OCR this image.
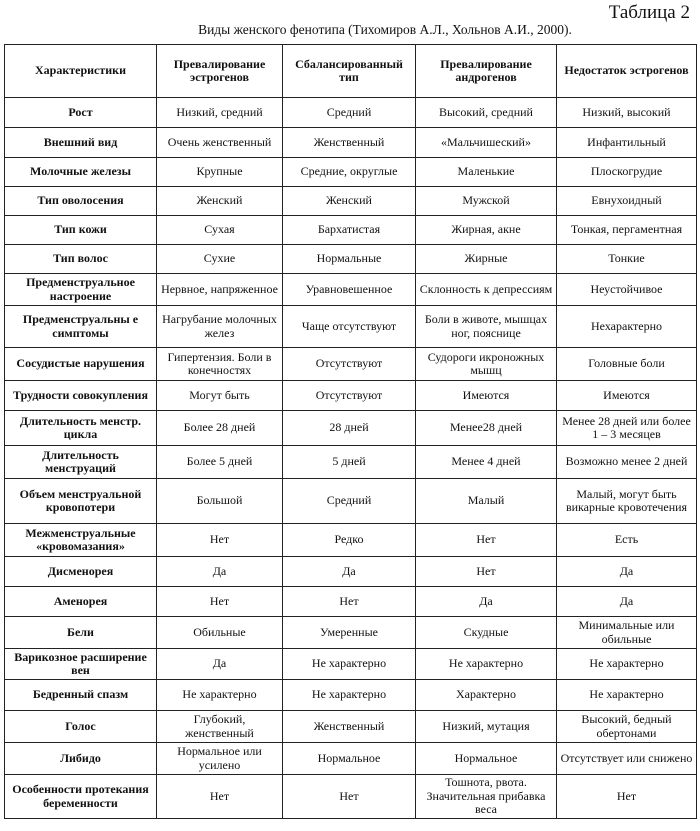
Таблица 2
Виды женского фенотипа (Тихомиров А.Л., Хольнов А.И., 2000).
Характеристики	Превалирование эстрогенов	Сбалансированный тип	Превалирование андрогенов	Недостаток эстрогенов
Рост	Низкий, средний	Средний	Высокий, средний	Низкий, высокий
Внешний вид	Очень женственный	Женственный	«Мальчишеский»	Инфантильный
Молочные железы	Крупные	Средние, округлые	Маленькие	Плоскогрудие
Тип оволосения	Женский	Женский	Мужской	Евнухоидный
Тип кожи	Сухая	Бархатистая	Жирная, акне	Тонкая, пергаментная
Тип волос	Сухие	Нормальные	Жирные	Тонкие
Предменструальное настроение	Нервное, напряженное	Уравновешенное	Склонность к депрессиям	Неустойчивое
Предменструальны е симптомы	Нагрубание молочных желез	Чаще отсутствуют	Боли в животе, мышцах ног, пояснице	Нехарактерно
Сосудистые нарушения	Гипертензия. Боли в конечностях	Отсутствуют	Судороги икроножных мышц	Головные боли
Трудности совокупления	Могут быть	Отсутствуют	Имеются	Имеются
Длительность менстр. цикла	Более 28 дней	28 дней	Менее28 дней	Менее 28 дней или более 1 – 3 месяцев
Длительность менструаций	Более 5 дней	5 дней	Менее 4 дней	Возможно менее 2 дней
Объем менструальной кровопотери	Большой	Средний	Малый	Малый, могут быть викарные кровотечения
Межменструальные «кровомазания»	Нет	Редко	Нет	Есть
Дисменорея	Да	Да	Нет	Да
Аменорея	Нет	Нет	Да	Да
Бели	Обильные	Умеренные	Скудные	Минимальные или обильные
Варикозное расширение вен	Да	Не характерно	Не характерно	Не характерно
Бедренный спазм	Не характерно	Не характерно	Характерно	Не характерно
Голос	Глубокий, женственный	Женственный	Низкий, мутация	Высокий, бедный обертонами
Либидо	Нормальное или усилено	Нормальное	Нормальное	Отсутствует или снижено
Особенности протекания беременности	Нет	Нет	Тошнота, рвота. Значительная прибавка веса	Нет
